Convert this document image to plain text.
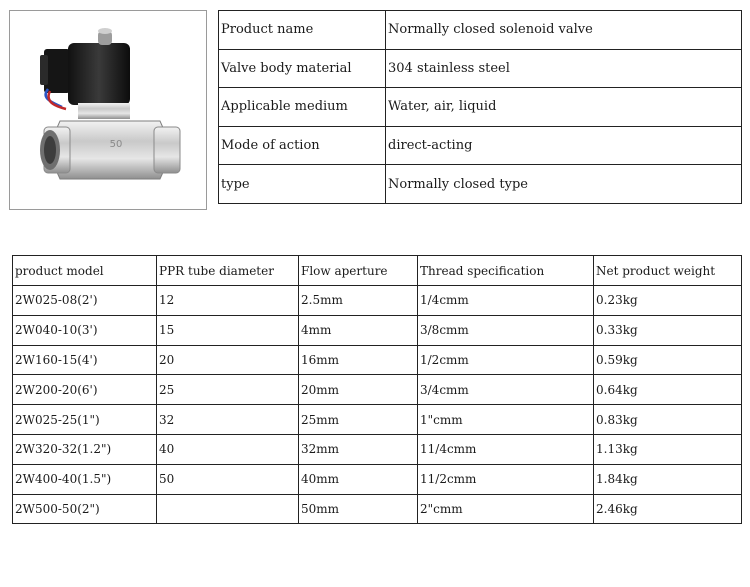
50
Product name	Normally closed solenoid valve
Valve body material	304 stainless steel
Applicable medium	Water, air, liquid
Mode of action	direct-acting
type	Normally closed type
product model	PPR tube diameter	Flow aperture	Thread specification	Net product weight
2W025-08(2')	12	2.5mm	1/4cmm	0.23kg
2W040-10(3')	15	4mm	3/8cmm	0.33kg
2W160-15(4')	20	16mm	1/2cmm	0.59kg
2W200-20(6')	25	20mm	3/4cmm	0.64kg
2W025-25(1")	32	25mm	1"cmm	0.83kg
2W320-32(1.2")	40	32mm	11/4cmm	1.13kg
2W400-40(1.5")	50	40mm	11/2cmm	1.84kg
2W500-50(2")		50mm	2"cmm	2.46kg
